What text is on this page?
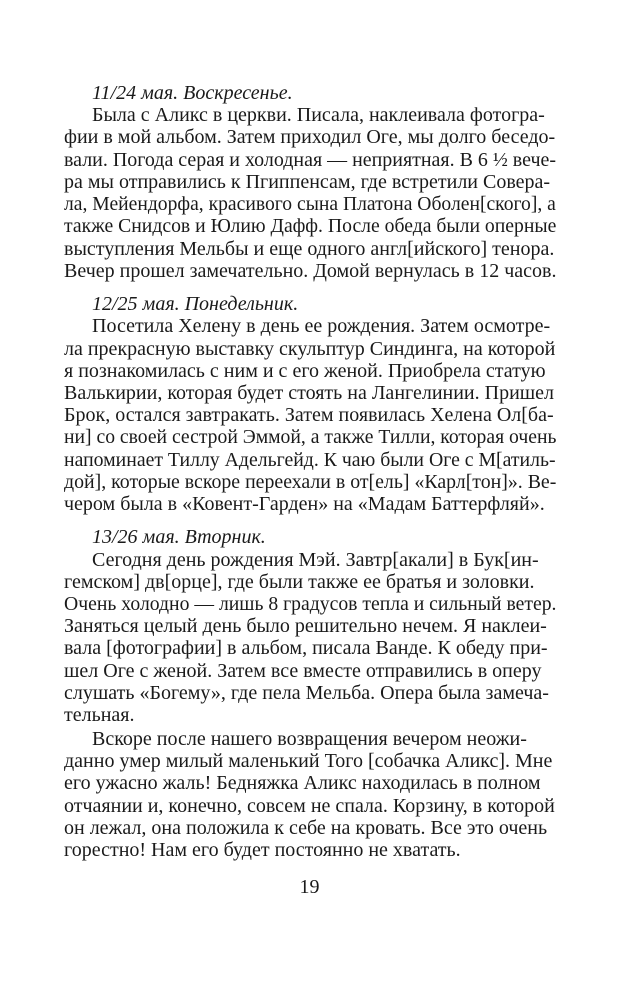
11/24 мая. Воскресенье.
Была с Аликс в церкви. Писала, наклеивала фотогра-
фии в мой альбом. Затем приходил Оге, мы долго беседо-
вали. Погода серая и холодная — неприятная. В 6 ½ вече-
ра мы отправились к Пгиппенсам, где встретили Совера-
ла, Мейендорфа, красивого сына Платона Оболен[ского], а
также Снидсов и Юлию Дафф. После обеда были оперные
выступления Мельбы и еще одного англ[ийского] тенора.
Вечер прошел замечательно. Домой вернулась в 12 часов.
12/25 мая. Понедельник.
Посетила Хелену в день ее рождения. Затем осмотре-
ла прекрасную выставку скульптур Синдинга, на которой
я познакомилась с ним и с его женой. Приобрела статую
Валькирии, которая будет стоять на Лангелинии. Пришел
Брок, остался завтракать. Затем появилась Хелена Ол[ба-
ни] со своей сестрой Эммой, а также Тилли, которая очень
напоминает Тиллу Адельгейд. К чаю были Оге с М[атиль-
дой], которые вскоре переехали в от[ель] «Карл[тон]». Ве-
чером была в «Ковент-Гарден» на «Мадам Баттерфляй».
13/26 мая. Вторник.
Сегодня день рождения Мэй. Завтр[акали] в Бук[ин-
гемском] дв[орце], где были также ее братья и золовки.
Очень холодно — лишь 8 градусов тепла и сильный ветер.
Заняться целый день было решительно нечем. Я наклеи-
вала [фотографии] в альбом, писала Ванде. К обеду при-
шел Оге с женой. Затем все вместе отправились в оперу
слушать «Богему», где пела Мельба. Опера была замеча-
тельная.
Вскоре после нашего возвращения вечером неожи-
данно умер милый маленький Того [собачка Аликс]. Мне
его ужасно жаль! Бедняжка Аликс находилась в полном
отчаянии и, конечно, совсем не спала. Корзину, в которой
он лежал, она положила к себе на кровать. Все это очень
горестно! Нам его будет постоянно не хватать.
19
